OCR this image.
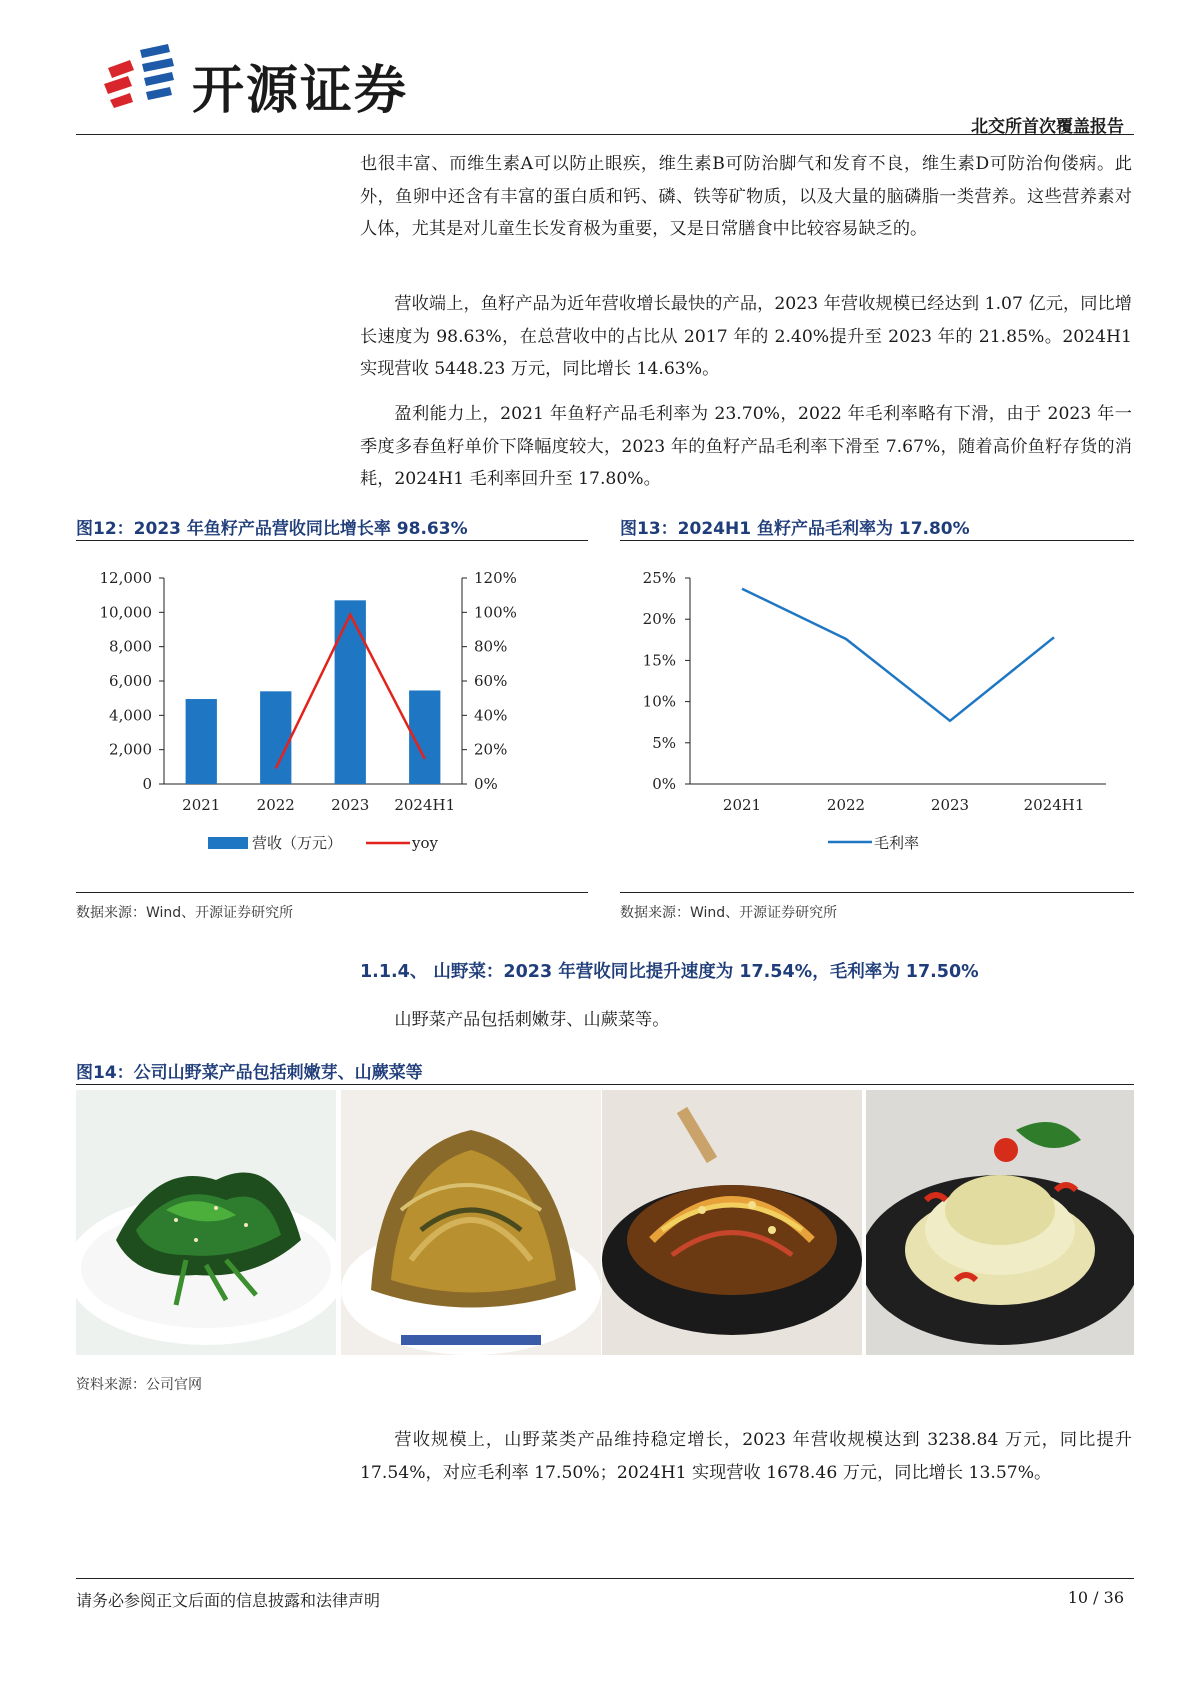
开源证券
北交所首次覆盖报告

也很丰富、而维生素A可以防止眼疾，维生素B可防治脚气和发育不良，维生素D可防治佝偻病。此外，鱼卵中还含有丰富的蛋白质和钙、磷、铁等矿物质，以及大量的脑磷脂一类营养。这些营养素对人体，尤其是对儿童生长发育极为重要，又是日常膳食中比较容易缺乏的。

营收端上，鱼籽产品为近年营收增长最快的产品，2023 年营收规模已经达到 1.07 亿元，同比增长速度为 98.63%，在总营收中的占比从 2017 年的 2.40%提升至 2023 年的 21.85%。2024H1 实现营收 5448.23 万元，同比增长 14.63%。

盈利能力上，2021 年鱼籽产品毛利率为 23.70%，2022 年毛利率略有下滑，由于 2023 年一季度多春鱼籽单价下降幅度较大，2023 年的鱼籽产品毛利率下滑至 7.67%，随着高价鱼籽存货的消耗，2024H1 毛利率回升至 17.80%。

图12：2023 年鱼籽产品营收同比增长率 98.63%
0
2,000
4,000
6,000
8,000
10,000
12,000
0%
20%
40%
60%
80%
100%
120%
2021 2022 2023 2024H1
营收（万元）	yoy
数据来源：Wind、开源证券研究所
图13：2024H1 鱼籽产品毛利率为 17.80%
0%
5%
10%
15%
20%
25%
2021	2022	2023	2024H1
毛利率
数据来源：Wind、开源证券研究所
1.1.4、 山野菜：2023 年营收同比提升速度为 17.54%，毛利率为 17.50%

山野菜产品包括刺嫩芽、山蕨菜等。

图14：公司山野菜产品包括刺嫩芽、山蕨菜等
资料来源：公司官网

营收规模上，山野菜类产品维持稳定增长，2023 年营收规模达到 3238.84 万元，同比提升 17.54%，对应毛利率 17.50%；2024H1 实现营收 1678.46 万元，同比增长 13.57%。

请务必参阅正文后面的信息披露和法律声明	10 / 36
